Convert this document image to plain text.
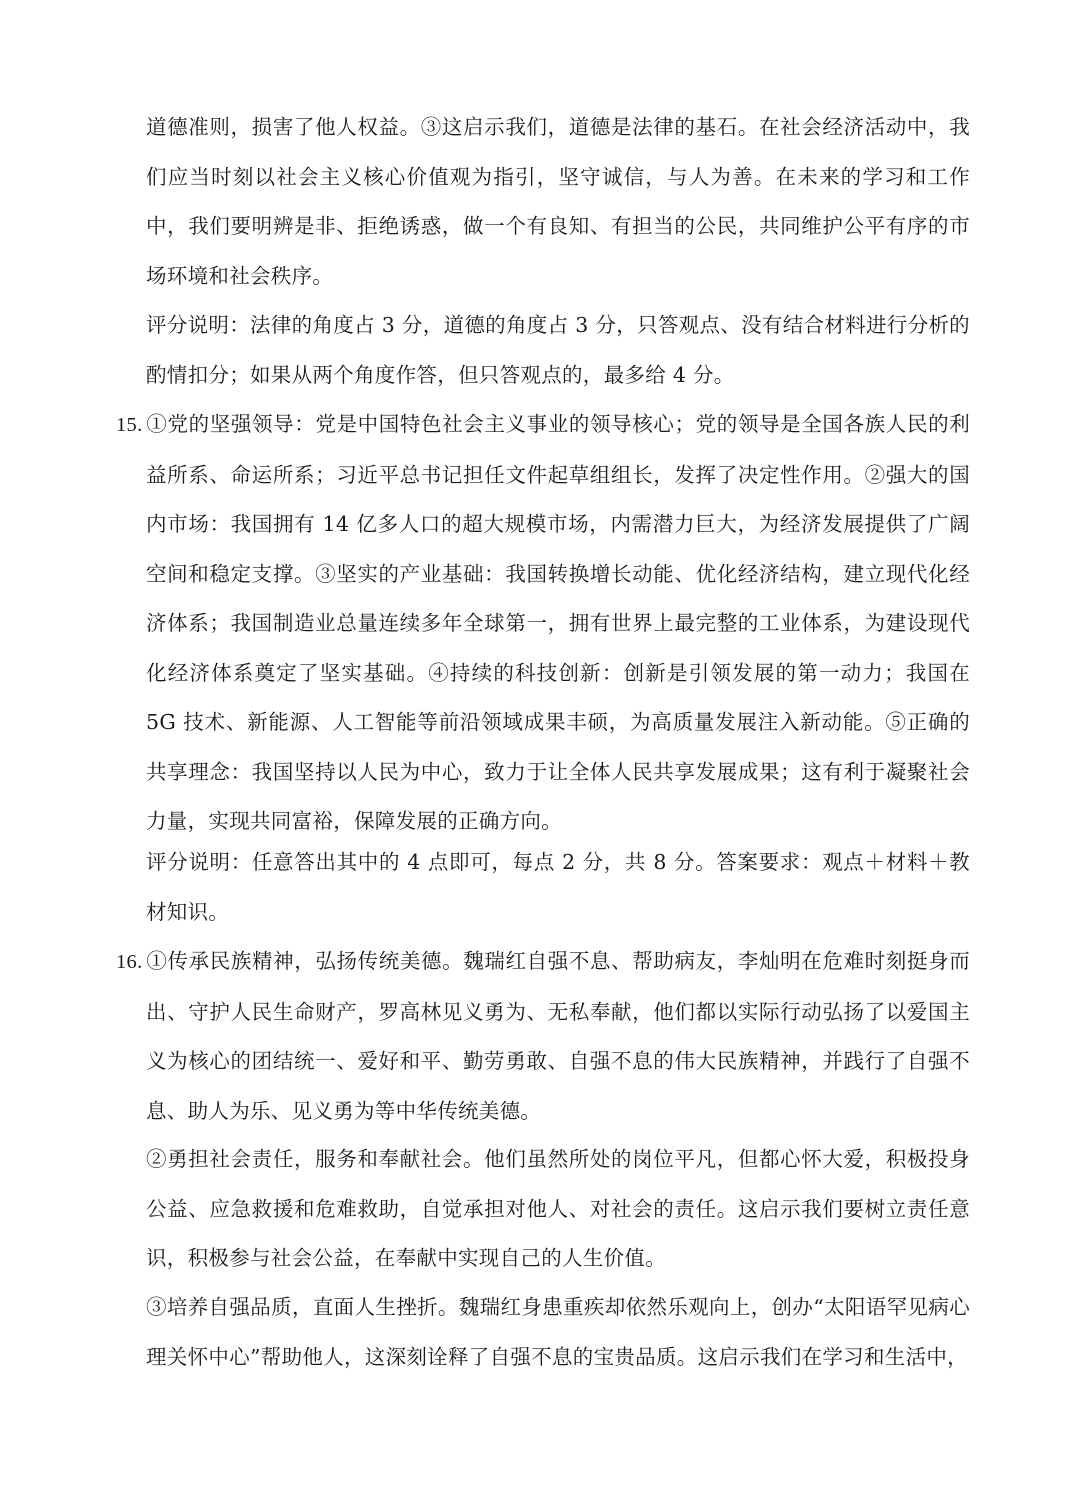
道德准则，损害了他人权益。③这启示我们，道德是法律的基石。在社会经济活动中，我们应当时刻以社会主义核心价值观为指引，坚守诚信，与人为善。在未来的学习和工作中，我们要明辨是非、拒绝诱惑，做一个有良知、有担当的公民，共同维护公平有序的市场环境和社会秩序。

评分说明：法律的角度占 3 分，道德的角度占 3 分，只答观点、没有结合材料进行分析的酌情扣分；如果从两个角度作答，但只答观点的，最多给 4 分。

15. ①党的坚强领导：党是中国特色社会主义事业的领导核心；党的领导是全国各族人民的利益所系、命运所系；习近平总书记担任文件起草组组长，发挥了决定性作用。②强大的国内市场：我国拥有 14 亿多人口的超大规模市场，内需潜力巨大，为经济发展提供了广阔空间和稳定支撑。③坚实的产业基础：我国转换增长动能、优化经济结构，建立现代化经济体系；我国制造业总量连续多年全球第一，拥有世界上最完整的工业体系，为建设现代化经济体系奠定了坚实基础。④持续的科技创新：创新是引领发展的第一动力；我国在 5G 技术、新能源、人工智能等前沿领域成果丰硕，为高质量发展注入新动能。⑤正确的共享理念：我国坚持以人民为中心，致力于让全体人民共享发展成果；这有利于凝聚社会力量，实现共同富裕，保障发展的正确方向。

评分说明：任意答出其中的 4 点即可，每点 2 分，共 8 分。答案要求：观点＋材料＋教材知识。

16. ①传承民族精神，弘扬传统美德。魏瑞红自强不息、帮助病友，李灿明在危难时刻挺身而出、守护人民生命财产，罗高林见义勇为、无私奉献，他们都以实际行动弘扬了以爱国主义为核心的团结统一、爱好和平、勤劳勇敢、自强不息的伟大民族精神，并践行了自强不息、助人为乐、见义勇为等中华传统美德。

②勇担社会责任，服务和奉献社会。他们虽然所处的岗位平凡，但都心怀大爱，积极投身公益、应急救援和危难救助，自觉承担对他人、对社会的责任。这启示我们要树立责任意识，积极参与社会公益，在奉献中实现自己的人生价值。

③培养自强品质，直面人生挫折。魏瑞红身患重疾却依然乐观向上，创办“太阳语罕见病心理关怀中心”帮助他人，这深刻诠释了自强不息的宝贵品质。这启示我们在学习和生活中，
